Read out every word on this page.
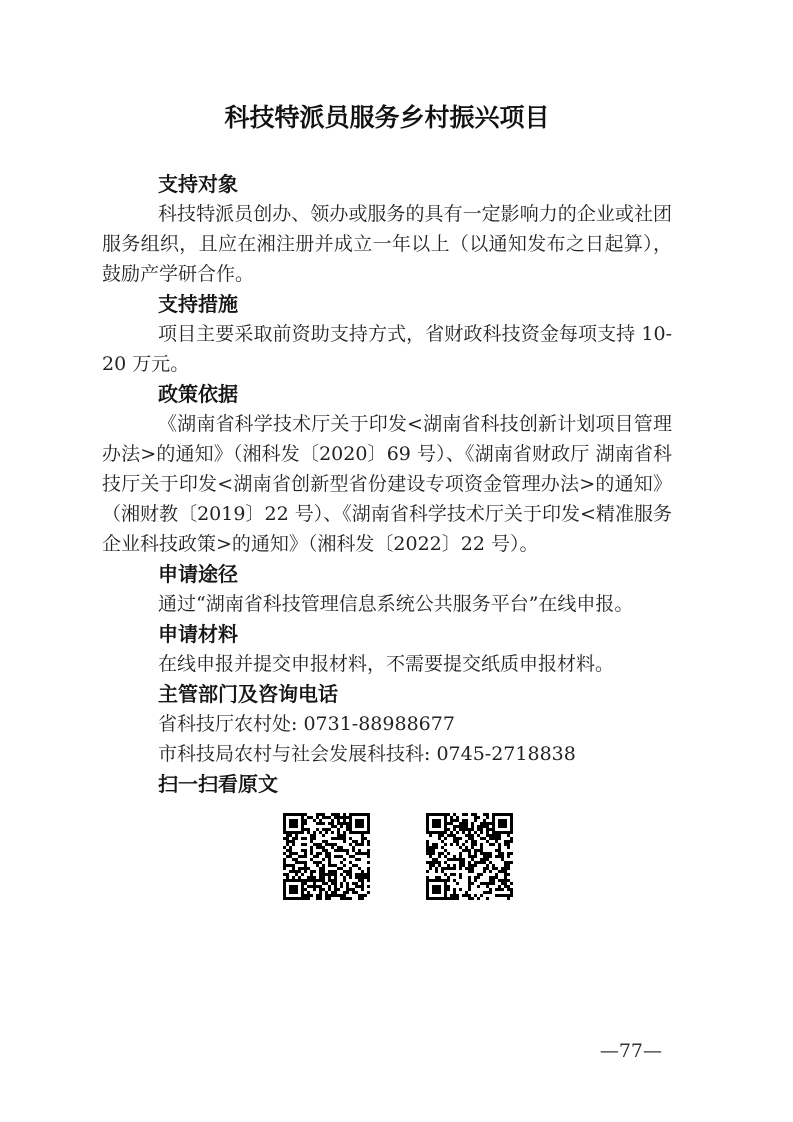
科技特派员服务乡村振兴项目
支持对象

科技特派员创办、领办或服务的具有一定影响力的企业或社团服务组织，且应在湘注册并成立一年以上（以通知发布之日起算），鼓励产学研合作。

支持措施

项目主要采取前资助支持方式，省财政科技资金每项支持 10-20 万元。

政策依据

《湖南省科学技术厅关于印发<湖南省科技创新计划项目管理办法>的通知》（湘科发〔2020〕69 号）、《湖南省财政厅 湖南省科技厅关于印发<湖南省创新型省份建设专项资金管理办法>的通知》（湘财教〔2019〕22 号）、《湖南省科学技术厅关于印发<精准服务企业科技政策>的通知》（湘科发〔2022〕22 号）。

申请途径

通过“湖南省科技管理信息系统公共服务平台”在线申报。

申请材料

在线申报并提交申报材料，不需要提交纸质申报材料。

主管部门及咨询电话

省科技厅农村处: 0731-88988677

市科技局农村与社会发展科技科: 0745-2718838

扫一扫看原文
—77—
